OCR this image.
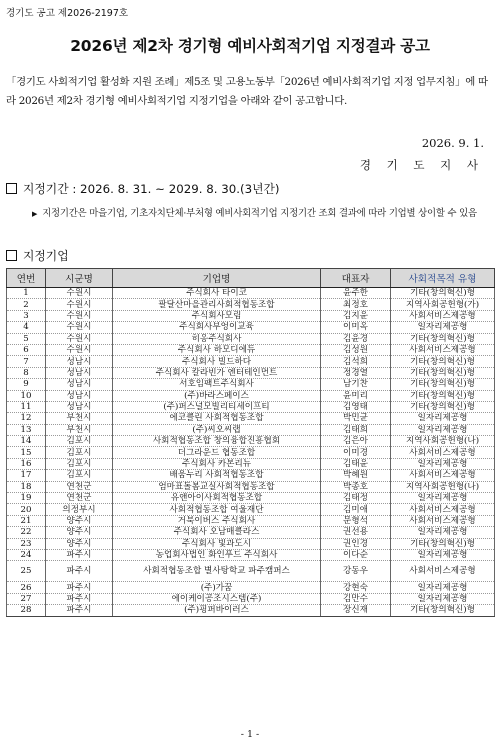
경기도 공고 제2026-2197호
2026년 제2차 경기형 예비사회적기업 지정결과 공고
「경기도 사회적기업 활성화 지원 조례」제5조 및 고용노동부「2026년 예비사회적기업 지정 업무지침」에 따라 2026년 제2차 경기형 예비사회적기업 지정기업을 아래와 같이 공고합니다.
2026. 9. 1.
경 기 도 지 사
지정기간 : 2026. 8. 31. ~ 2029. 8. 30.(3년간)
▶ 지정기간은 마을기업, 기초자치단체·부처형 예비사회적기업 지정기간 조회 결과에 따라 기업별 상이할 수 있음
지정기업
연번	시군명	기업명	대표자	사회적목적 유형
1	수원시	주식회사 타이코	윤주한	기타(창의혁신)형
2	수원시	팔달산마을관리사회적협동조합	최정호	지역사회공헌형(가)
3	수원시	주식회사모림	김지윤	사회서비스제공형
4	수원시	주식회사부엉이교육	이미옥	일자리제공형
5	수원시	히옹주식회사	김윤경	기타(창의혁신)형
6	수원시	주식회사 하모디에듀	김성원	사회서비스제공형
7	성남시	주식회사 빌드하다	김석희	기타(창의혁신)형
8	성남시	주식회사 칼라빈가 엔터테인먼트	정경열	기타(창의혁신)형
9	성남시	서호임팩트주식회사	남기찬	기타(창의혁신)형
10	성남시	(주)바라스페이스	윤미리	기타(창의혁신)형
11	성남시	(주)퍼스널모빌리티세이프티	김영태	기타(창의혁신)형
12	부천시	에코클린 사회적협동조합	박민균	일자리제공형
13	부천시	(주)씨오씨랩	김태희	일자리제공형
14	김포시	사회적협동조합 창의융합진흥협회	김은아	지역사회공헌형(나)
15	김포시	더그라운드 협동조합	이미경	사회서비스제공형
16	김포시	주식회사 카본리뉴	김태윤	일자리제공형
17	김포시	배움누리 사회적협동조합	박혜원	사회서비스제공형
18	연천군	엄마표돌봄교실사회적협동조합	박종호	지역사회공헌형(나)
19	연천군	유앤아이사회적협동조합	김태정	일자리제공형
20	의정부시	사회적협동조합 여울재단	김미애	사회서비스제공형
21	양주시	거북이버스 주식회사	문형석	사회서비스제공형
22	양주시	주식회사 오남매클라스	권선용	일자리제공형
23	양주시	주식회사 빛과도시	권인경	기타(창의혁신)형
24	파주시	농업회사법인 화인푸드 주식회사	이다순	일자리제공형
25	파주시	사회적협동조합 별사탕학교 파주캠퍼스	강동우	사회서비스제공형
26	파주시	(주)가꿈	강현숙	일자리제공형
27	파주시	에이케이공조시스템(주)	김만수	일자리제공형
28	파주시	(주)핑퍼바이러스	장신재	기타(창의혁신)형
- 1 -
